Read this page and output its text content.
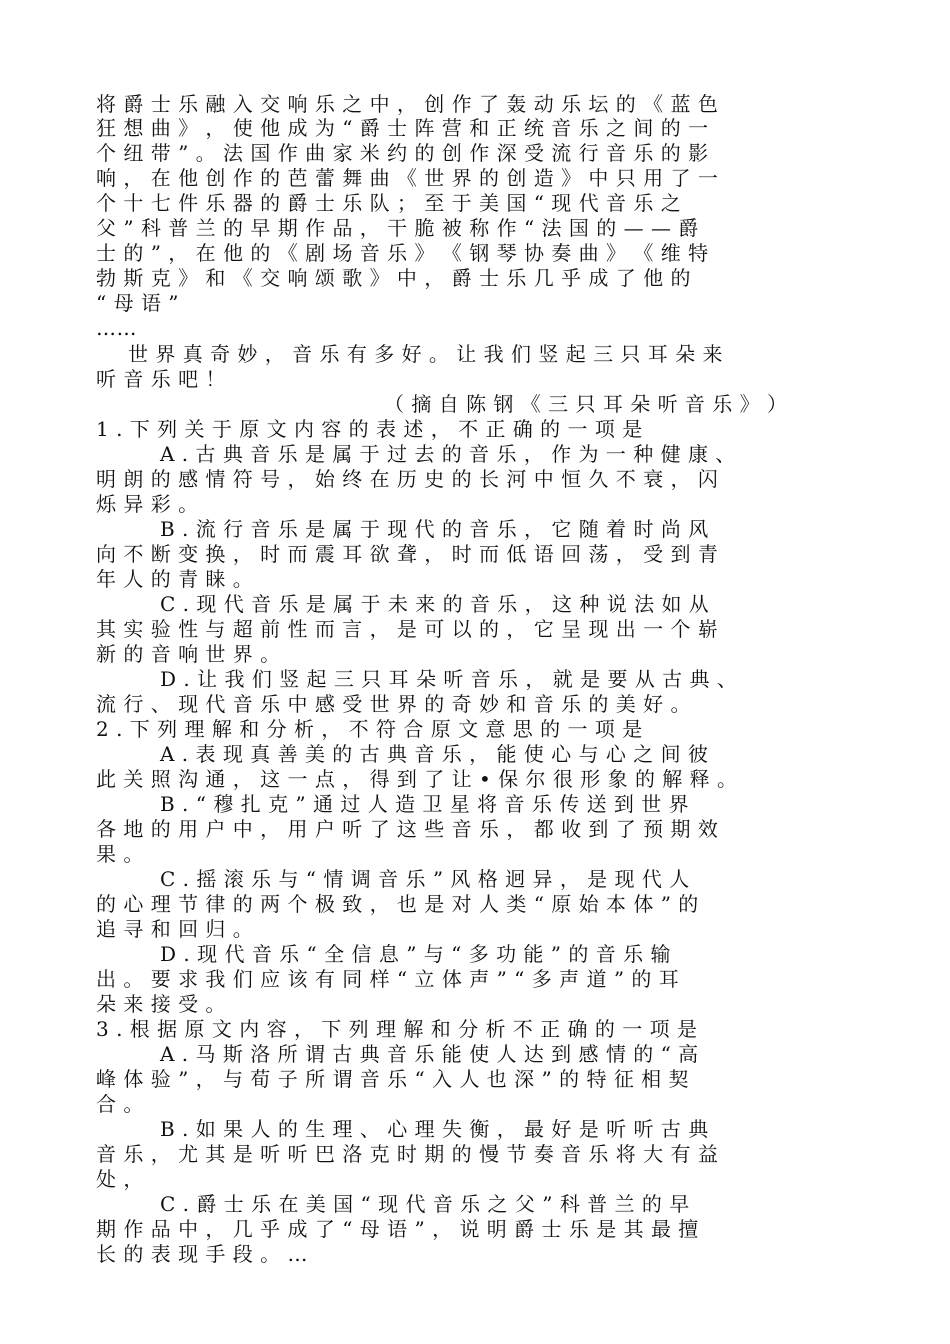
将 爵 士 乐 融 入 交 响 乐 之 中 ， 创 作 了 轰 动 乐 坛 的 《 蓝 色
狂 想 曲 》 ， 使 他 成 为 “ 爵 士 阵 营 和 正 统 音 乐 之 间 的 一
个 纽 带 ” 。 法 国 作 曲 家 米 约 的 创 作 深 受 流 行 音 乐 的 影
响 ， 在 他 创 作 的 芭 蕾 舞 曲 《 世 界 的 创 造 》 中 只 用 了 一
个 十 七 件 乐 器 的 爵 士 乐 队 ； 至 于 美 国 “ 现 代 音 乐 之
父 ” 科 普 兰 的 早 期 作 品 ， 干 脆 被 称 作 “ 法 国 的 — — 爵
士 的 ” ， 在 他 的 《 剧 场 音 乐 》 《 钢 琴 协 奏 曲 》 《 维 特
勃 斯 克 》 和 《 交 响 颂 歌 》 中 ， 爵 士 乐 几 乎 成 了 他 的
“ 母 语 ”
……
世 界 真 奇 妙 ， 音 乐 有 多 好 。 让 我 们 竖 起 三 只 耳 朵 来
听 音 乐 吧 ！
（ 摘 自 陈 钢 《 三 只 耳 朵 听 音 乐 》 ）
1 . 下 列 关 于 原 文 内 容 的 表 述 ， 不 正 确 的 一 项 是
A . 古 典 音 乐 是 属 于 过 去 的 音 乐 ， 作 为 一 种 健 康 、
明 朗 的 感 情 符 号 ， 始 终 在 历 史 的 长 河 中 恒 久 不 衰 ， 闪
烁 异 彩 。
B . 流 行 音 乐 是 属 于 现 代 的 音 乐 ， 它 随 着 时 尚 风
向 不 断 变 换 ， 时 而 震 耳 欲 聋 ， 时 而 低 语 回 荡 ， 受 到 青
年 人 的 青 睐 。
C . 现 代 音 乐 是 属 于 未 来 的 音 乐 ， 这 种 说 法 如 从
其 实 验 性 与 超 前 性 而 言 ， 是 可 以 的 ， 它 呈 现 出 一 个 崭
新 的 音 响 世 界 。
D . 让 我 们 竖 起 三 只 耳 朵 听 音 乐 ， 就 是 要 从 古 典 、
流 行 、 现 代 音 乐 中 感 受 世 界 的 奇 妙 和 音 乐 的 美 好 。
2 . 下 列 理 解 和 分 析 ， 不 符 合 原 文 意 思 的 一 项 是
A . 表 现 真 善 美 的 古 典 音 乐 ， 能 使 心 与 心 之 间 彼
此 关 照 沟 通 ， 这 一 点 ， 得 到 了 让 • 保 尔 很 形 象 的 解 释 。
B . “ 穆 扎 克 ” 通 过 人 造 卫 星 将 音 乐 传 送 到 世 界
各 地 的 用 户 中 ， 用 户 听 了 这 些 音 乐 ， 都 收 到 了 预 期 效
果 。
C . 摇 滚 乐 与 “ 情 调 音 乐 ” 风 格 迥 异 ， 是 现 代 人
的 心 理 节 律 的 两 个 极 致 ， 也 是 对 人 类 “ 原 始 本 体 ” 的
追 寻 和 回 归 。
D . 现 代 音 乐 “ 全 信 息 ” 与 “ 多 功 能 ” 的 音 乐 输
出 。 要 求 我 们 应 该 有 同 样 “ 立 体 声 ” “ 多 声 道 ” 的 耳
朵 来 接 受 。
3 . 根 据 原 文 内 容 ， 下 列 理 解 和 分 析 不 正 确 的 一 项 是
A . 马 斯 洛 所 谓 古 典 音 乐 能 使 人 达 到 感 情 的 “ 高
峰 体 验 ” ， 与 荀 子 所 谓 音 乐 “ 入 人 也 深 ” 的 特 征 相 契
合 。
B . 如 果 人 的 生 理 、 心 理 失 衡 ， 最 好 是 听 听 古 典
音 乐 ， 尤 其 是 听 听 巴 洛 克 时 期 的 慢 节 奏 音 乐 将 大 有 益
处 ，
C . 爵 士 乐 在 美 国 “ 现 代 音 乐 之 父 ” 科 普 兰 的 早
期 作 品 中 ， 几 乎 成 了 “ 母 语 ” ， 说 明 爵 士 乐 是 其 最 擅
长 的 表 现 手 段 。 …
